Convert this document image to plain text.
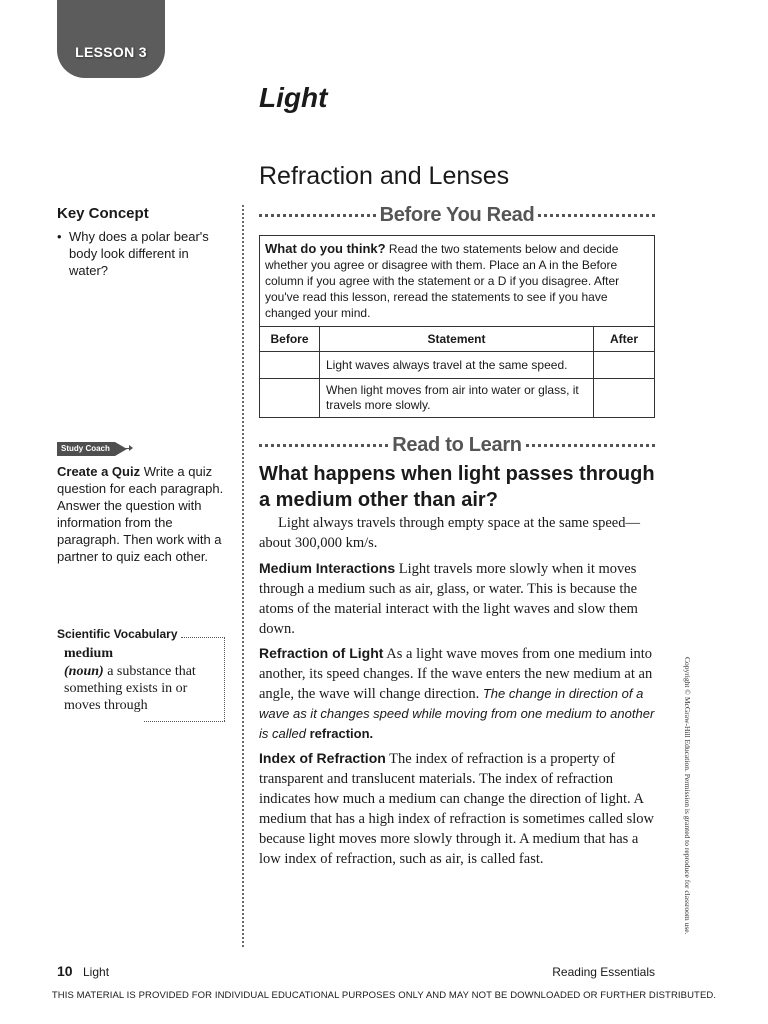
LESSON 3
Light
Refraction and Lenses
Key Concept
• Why does a polar bear's body look different in water?
Before You Read
What do you think? Read the two statements below and decide whether you agree or disagree with them. Place an A in the Before column if you agree with the statement or a D if you disagree. After you've read this lesson, reread the statements to see if you have changed your mind.		
Before	Statement	After
	Light waves always travel at the same speed.	
	When light moves from air into water or glass, it travels more slowly.	
Study Coach
Create a Quiz Write a quiz question for each paragraph. Answer the question with information from the paragraph. Then work with a partner to quiz each other.
Scientific Vocabulary
medium
(noun) a substance that something exists in or moves through
Read to Learn
What happens when light passes through a medium other than air?
Light always travels through empty space at the same speed—about 300,000 km/s.
Medium Interactions Light travels more slowly when it moves through a medium such as air, glass, or water. This is because the atoms of the material interact with the light waves and slow them down.
Refraction of Light As a light wave moves from one medium into another, its speed changes. If the wave enters the new medium at an angle, the wave will change direction. The change in direction of a wave as it changes speed while moving from one medium to another is called refraction.
Index of Refraction The index of refraction is a property of transparent and translucent materials. The index of refraction indicates how much a medium can change the direction of light. A medium that has a high index of refraction is sometimes called slow because light moves more slowly through it. A medium that has a low index of refraction, such as air, is called fast.	Copyright © McGraw-Hill Education. Permission is granted to reproduce for classroom use.
10 Light	Reading Essentials
THIS MATERIAL IS PROVIDED FOR INDIVIDUAL EDUCATIONAL PURPOSES ONLY AND MAY NOT BE DOWNLOADED OR FURTHER DISTRIBUTED.
